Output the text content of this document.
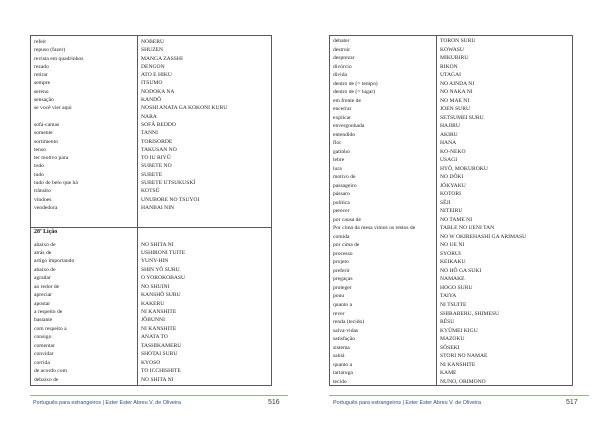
refeir
repuso (fazer)
revista em quadrinhos
rezado
retirar
sempre
sereno
sensação
se você vier aqui
sofá-camas
somente
sortimento
tenso
ter motivo para
todo
tudo
tudo de belo que há
trânsito
vindoes
vendedora
NOBERU
SHUZEN
MANGA ZASSHI
DENGON
ATO E HIKU
ITSUMO
NODOKA NA
KANDÔ
NOSHI ANATA GA KOKONI KURU
NARA
SOFÂ BEDDO
TANNI
TORISORDE
TAKUSAN NO
TO IU RIYÛ
SUBETE NO
SUBETE
SUBETE UTSUKUSKÎ
KOTSÛ
UNUBORE NO TSUYOI
HANBAI NIN
28ª Lição
abaixo de
atrás de
artigo importando
abaixo de
agradar
ao redor de
apreciar
apostar
a respeito de
bastante
com respeito a
consigo
comentar
convidar
corrida
de acordo com
debaixo de
NO SHITA NI
USHIRONI TUITE
YUNY-HIN
SHIN YÔ SURU
O YOROKOBASU
NO SHUINI
KANSHÔ SURU
KAKERU
NI KANSHITE
JÔBUNNI
NI KANSHITE
ANATA TO
TASHIKAMERU
SHOTAI SURU
KYOSO
TO ICCHISHITE
NO SHITA NI
Português para estrangeiros | Ester Ester Abreu V. de Oliveira	516
debater
destruir
desprezar
divórcio
dívida
dentro de (= tempo)
dentro de (= lugar)
em frente de
encerrar
explicar
envergonhada
entendido
flor
gatinho
lebre
lura
motivo de
passageiro
pássaro
política
perecer
por causa de
Por cima da mesa vimos os restos de
comida
por cima de
processo
projeto
preferir
pregaças
proteger
pouu
quanto a
rever
renda (tecido)
salva-vidas
satisfação
sistema
sabiá
quanto a
tartaruga
tecido
TORON SURU
KOWASU
MIKUBIRU
RIKON
UTAGAI
NO AINDA NI
NO NAKA NI
NO MAE NI
JOEN SURU
SETSUMEI SURU
HAJIRU
AKIRU
HANA
KO-NEKO
USAGI
HYÔ, MOKUROKU
NO DÔKI
JÔKYAKU
KOTORI
SÊJI
NITEIRU
NO TAME NI
TABLE NO UENI TAN
NO W OKIREHASHI GA ARIMASU
NO UE NI
SYORUI
KEIKAKU
NO HÔ GA SUKI
NAMAKE
HOGO SURU
TAIYA
NI TSUITE
SHIRABERU, SHIMESU
RÊSU
KYÛMEI KIGU
MAZOKU
SÔSEKI
STORI NO NAMAE
NI KANSHITE
KAME
NUNO, ORIMONO
Português para estrangeiros | Ester Ester Abreu V. de Oliveira	517
